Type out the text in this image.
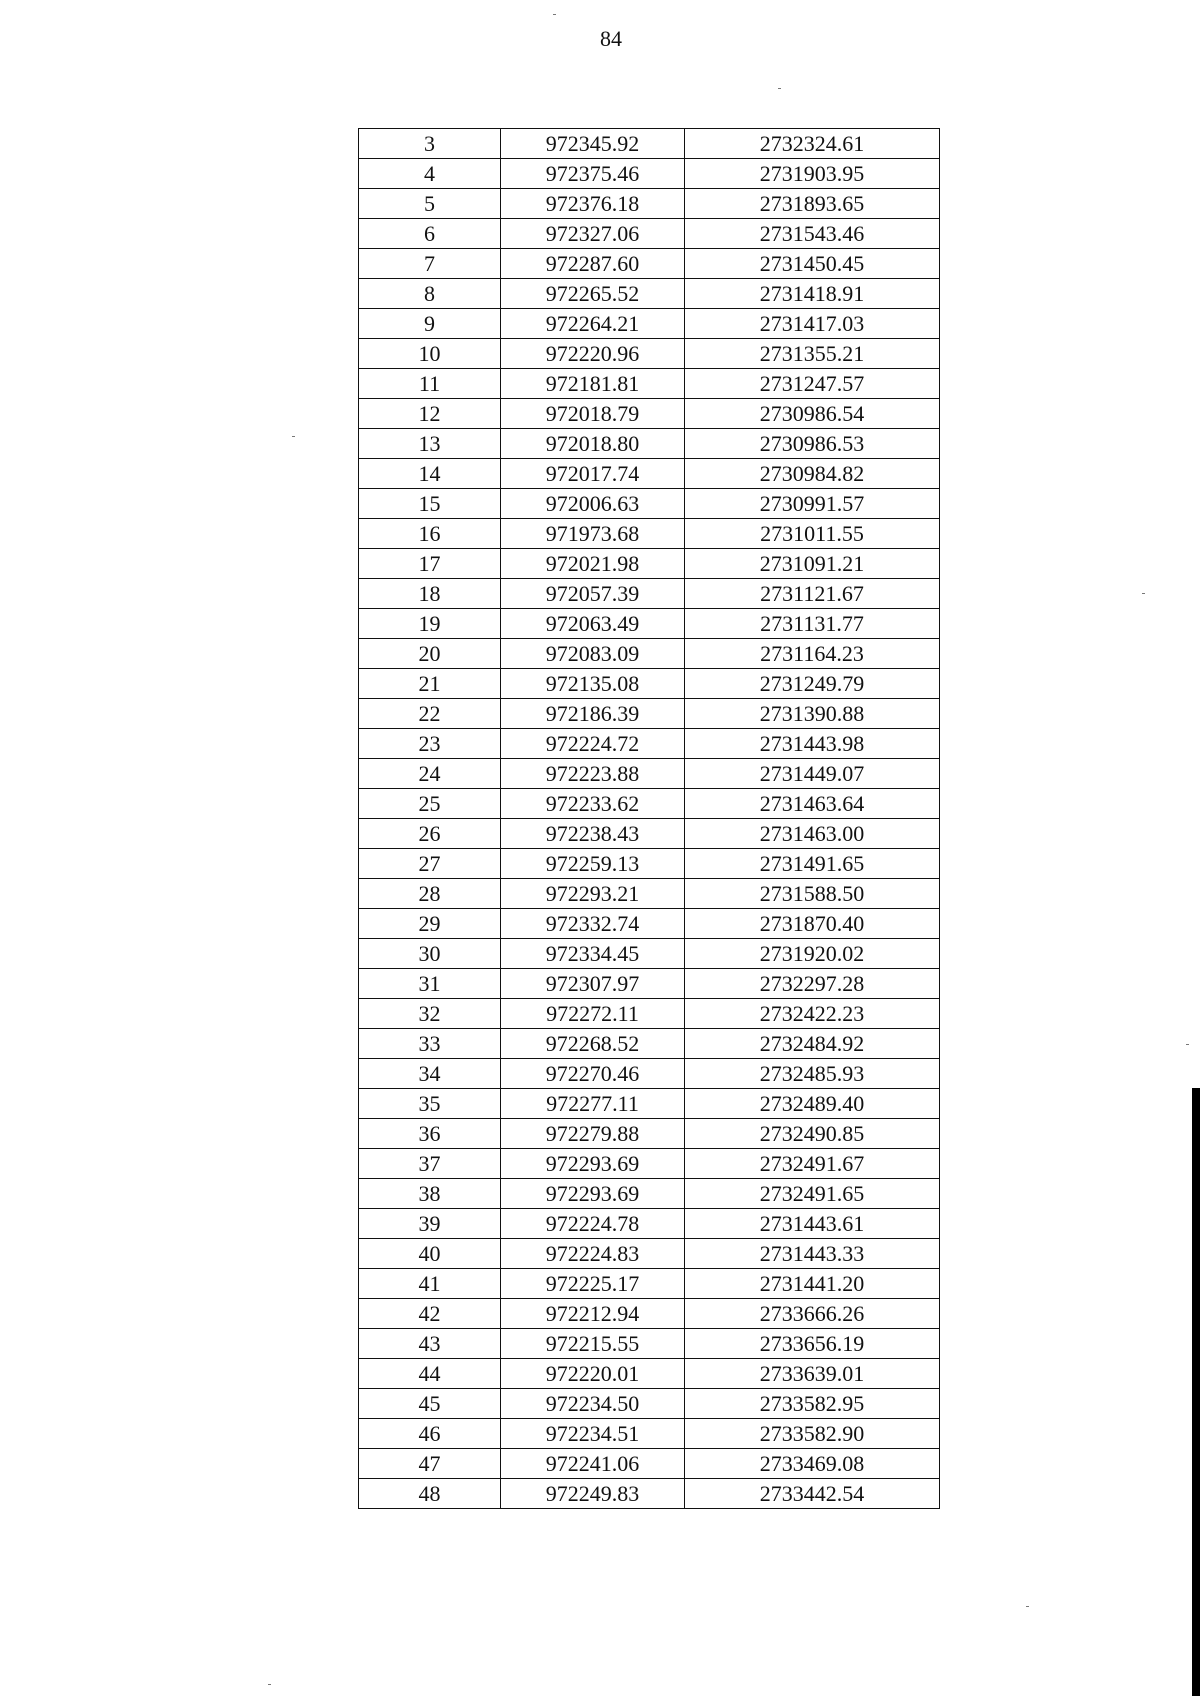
84
3	972345.92	2732324.61
4	972375.46	2731903.95
5	972376.18	2731893.65
6	972327.06	2731543.46
7	972287.60	2731450.45
8	972265.52	2731418.91
9	972264.21	2731417.03
10	972220.96	2731355.21
11	972181.81	2731247.57
12	972018.79	2730986.54
13	972018.80	2730986.53
14	972017.74	2730984.82
15	972006.63	2730991.57
16	971973.68	2731011.55
17	972021.98	2731091.21
18	972057.39	2731121.67
19	972063.49	2731131.77
20	972083.09	2731164.23
21	972135.08	2731249.79
22	972186.39	2731390.88
23	972224.72	2731443.98
24	972223.88	2731449.07
25	972233.62	2731463.64
26	972238.43	2731463.00
27	972259.13	2731491.65
28	972293.21	2731588.50
29	972332.74	2731870.40
30	972334.45	2731920.02
31	972307.97	2732297.28
32	972272.11	2732422.23
33	972268.52	2732484.92
34	972270.46	2732485.93
35	972277.11	2732489.40
36	972279.88	2732490.85
37	972293.69	2732491.67
38	972293.69	2732491.65
39	972224.78	2731443.61
40	972224.83	2731443.33
41	972225.17	2731441.20
42	972212.94	2733666.26
43	972215.55	2733656.19
44	972220.01	2733639.01
45	972234.50	2733582.95
46	972234.51	2733582.90
47	972241.06	2733469.08
48	972249.83	2733442.54
